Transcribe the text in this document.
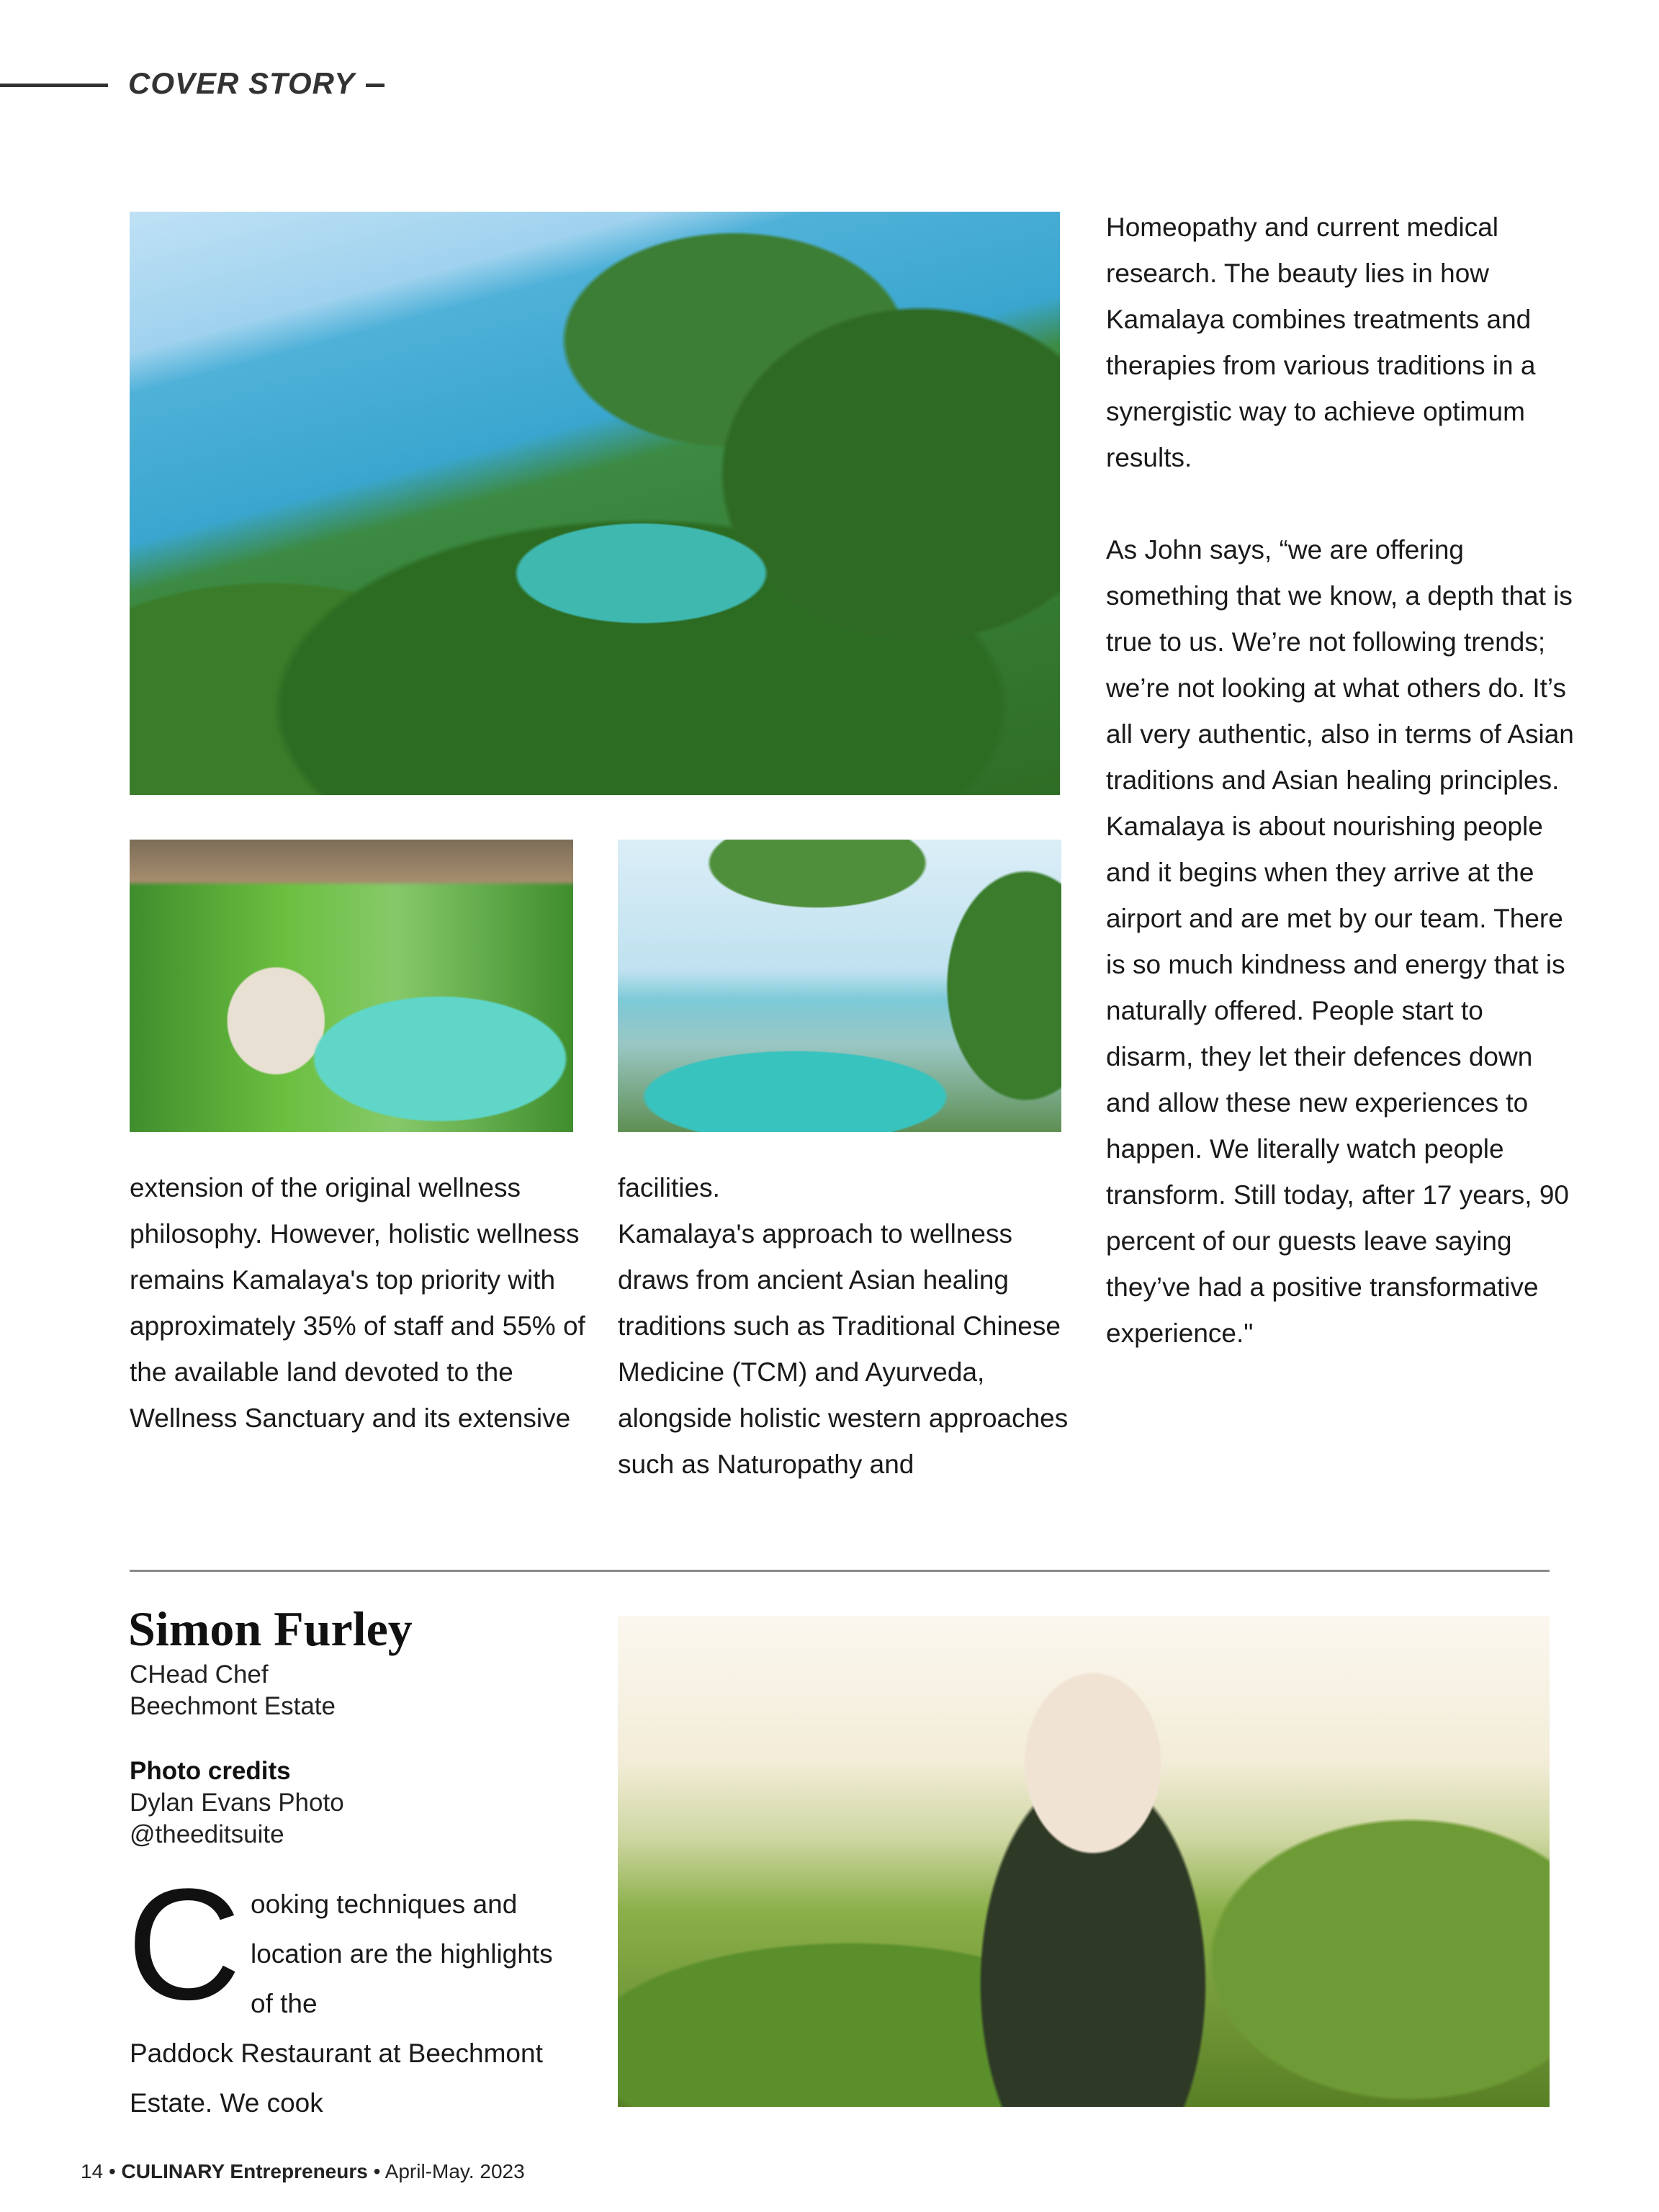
COVER STORY

Homeopathy and current medical research. The beauty lies in how Kamalaya combines treatments and therapies from various traditions in a synergistic way to achieve optimum results.

As John says, “we are offering something that we know, a depth that is true to us. We’re not following trends; we’re not looking at what others do. It’s all very authentic, also in terms of Asian traditions and Asian healing principles. Kamalaya is about nourishing people and it begins when they arrive at the airport and are met by our team. There is so much kindness and energy that is naturally offered. People start to disarm, they let their defences down and allow these new experiences to happen. We literally watch people transform. Still today, after 17 years, 90 percent of our guests leave saying they’ve had a positive transformative experience."

extension of the original wellness philosophy. However, holistic wellness remains Kamalaya's top priority with approximately 35% of staff and 55% of the available land devoted to the Wellness Sanctuary and its extensive

facilities.

Kamalaya's approach to wellness draws from ancient Asian healing traditions such as Traditional Chinese Medicine (TCM) and Ayurveda, alongside holistic western approaches such as Naturopathy and

Simon Furley
CHead Chef
Beechmont Estate
Photo credits
Dylan Evans Photo
@theeditsuite
C ooking techniques and location are the highlights of the
Paddock Restaurant at Beechmont Estate. We cook
14 • CULINARY Entrepreneurs • April-May. 2023
